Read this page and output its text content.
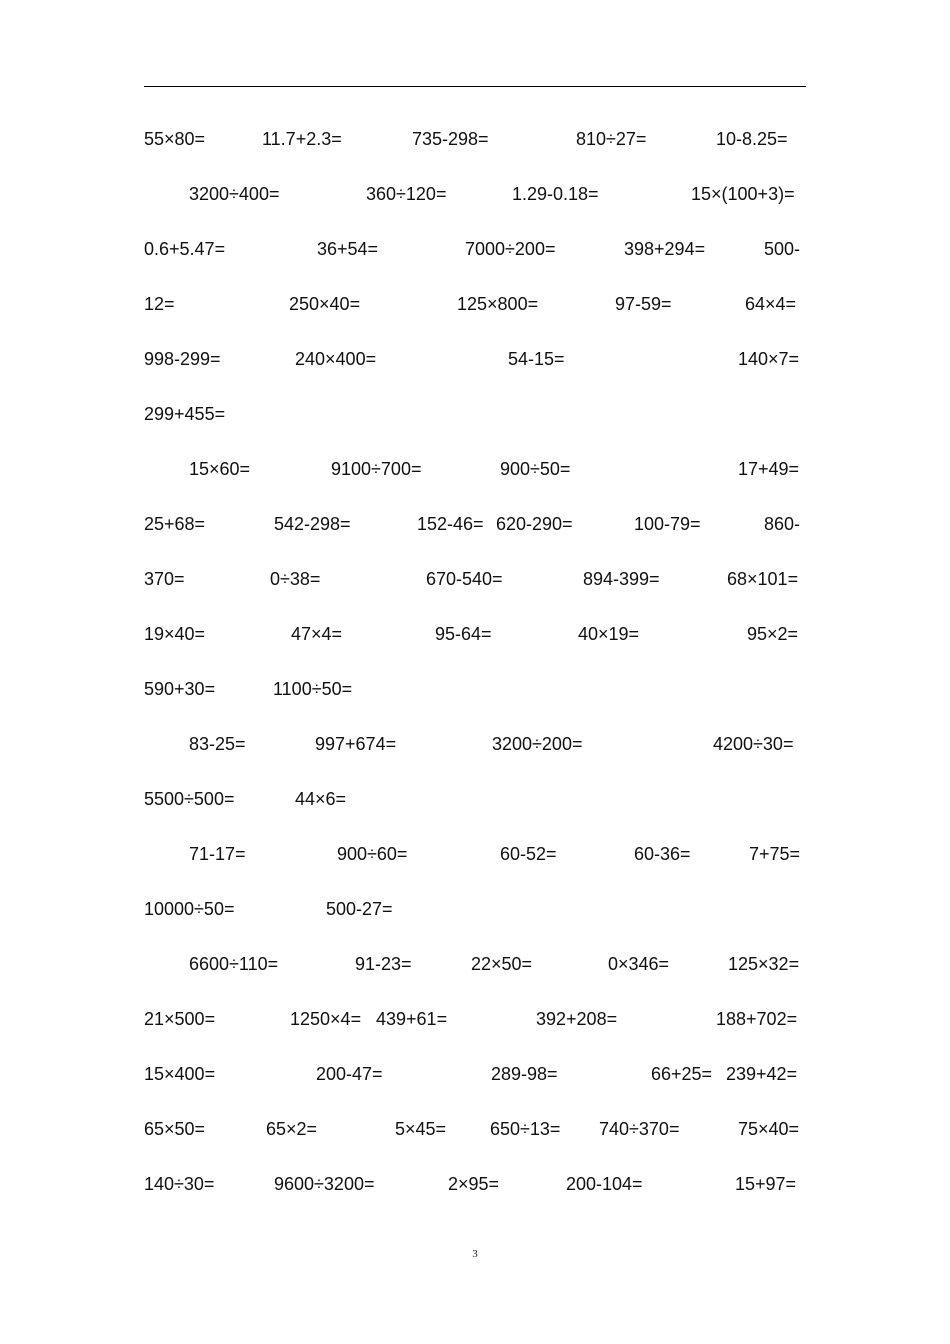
55×80=	11.7+2.3=	735-298=	810÷27=	10-8.25=
3200÷400=	360÷120=	1.29-0.18=	15×(100+3)=
0.6+5.47=	36+54=	7000÷200=	398+294=	500-
12=	250×40=	125×800=	97-59=	64×4=
998-299=	240×400=	54-15=	140×7=
299+455=
15×60=	9100÷700=	900÷50=	17+49=
25+68=	542-298=	152-46= 620-290=	100-79=	860-
370=	0÷38=	670-540=	894-399=	68×101=
19×40=	47×4=	95-64=	40×19=	95×2=
590+30=	1100÷50=
83-25=	997+674=	3200÷200=	4200÷30=
5500÷500=	44×6=
71-17=	900÷60=	60-52=	60-36=	7+75=
10000÷50=	500-27=
6600÷110=	91-23=	22×50=	0×346=	125×32=
21×500=	1250×4= 439+61=	392+208=	188+702=
15×400=	200-47=	289-98=	66+25= 239+42=
65×50=	65×2=	5×45= 650÷13= 740÷370=	75×40=
140÷30=	9600÷3200=	2×95=	200-104=	15+97=
3
